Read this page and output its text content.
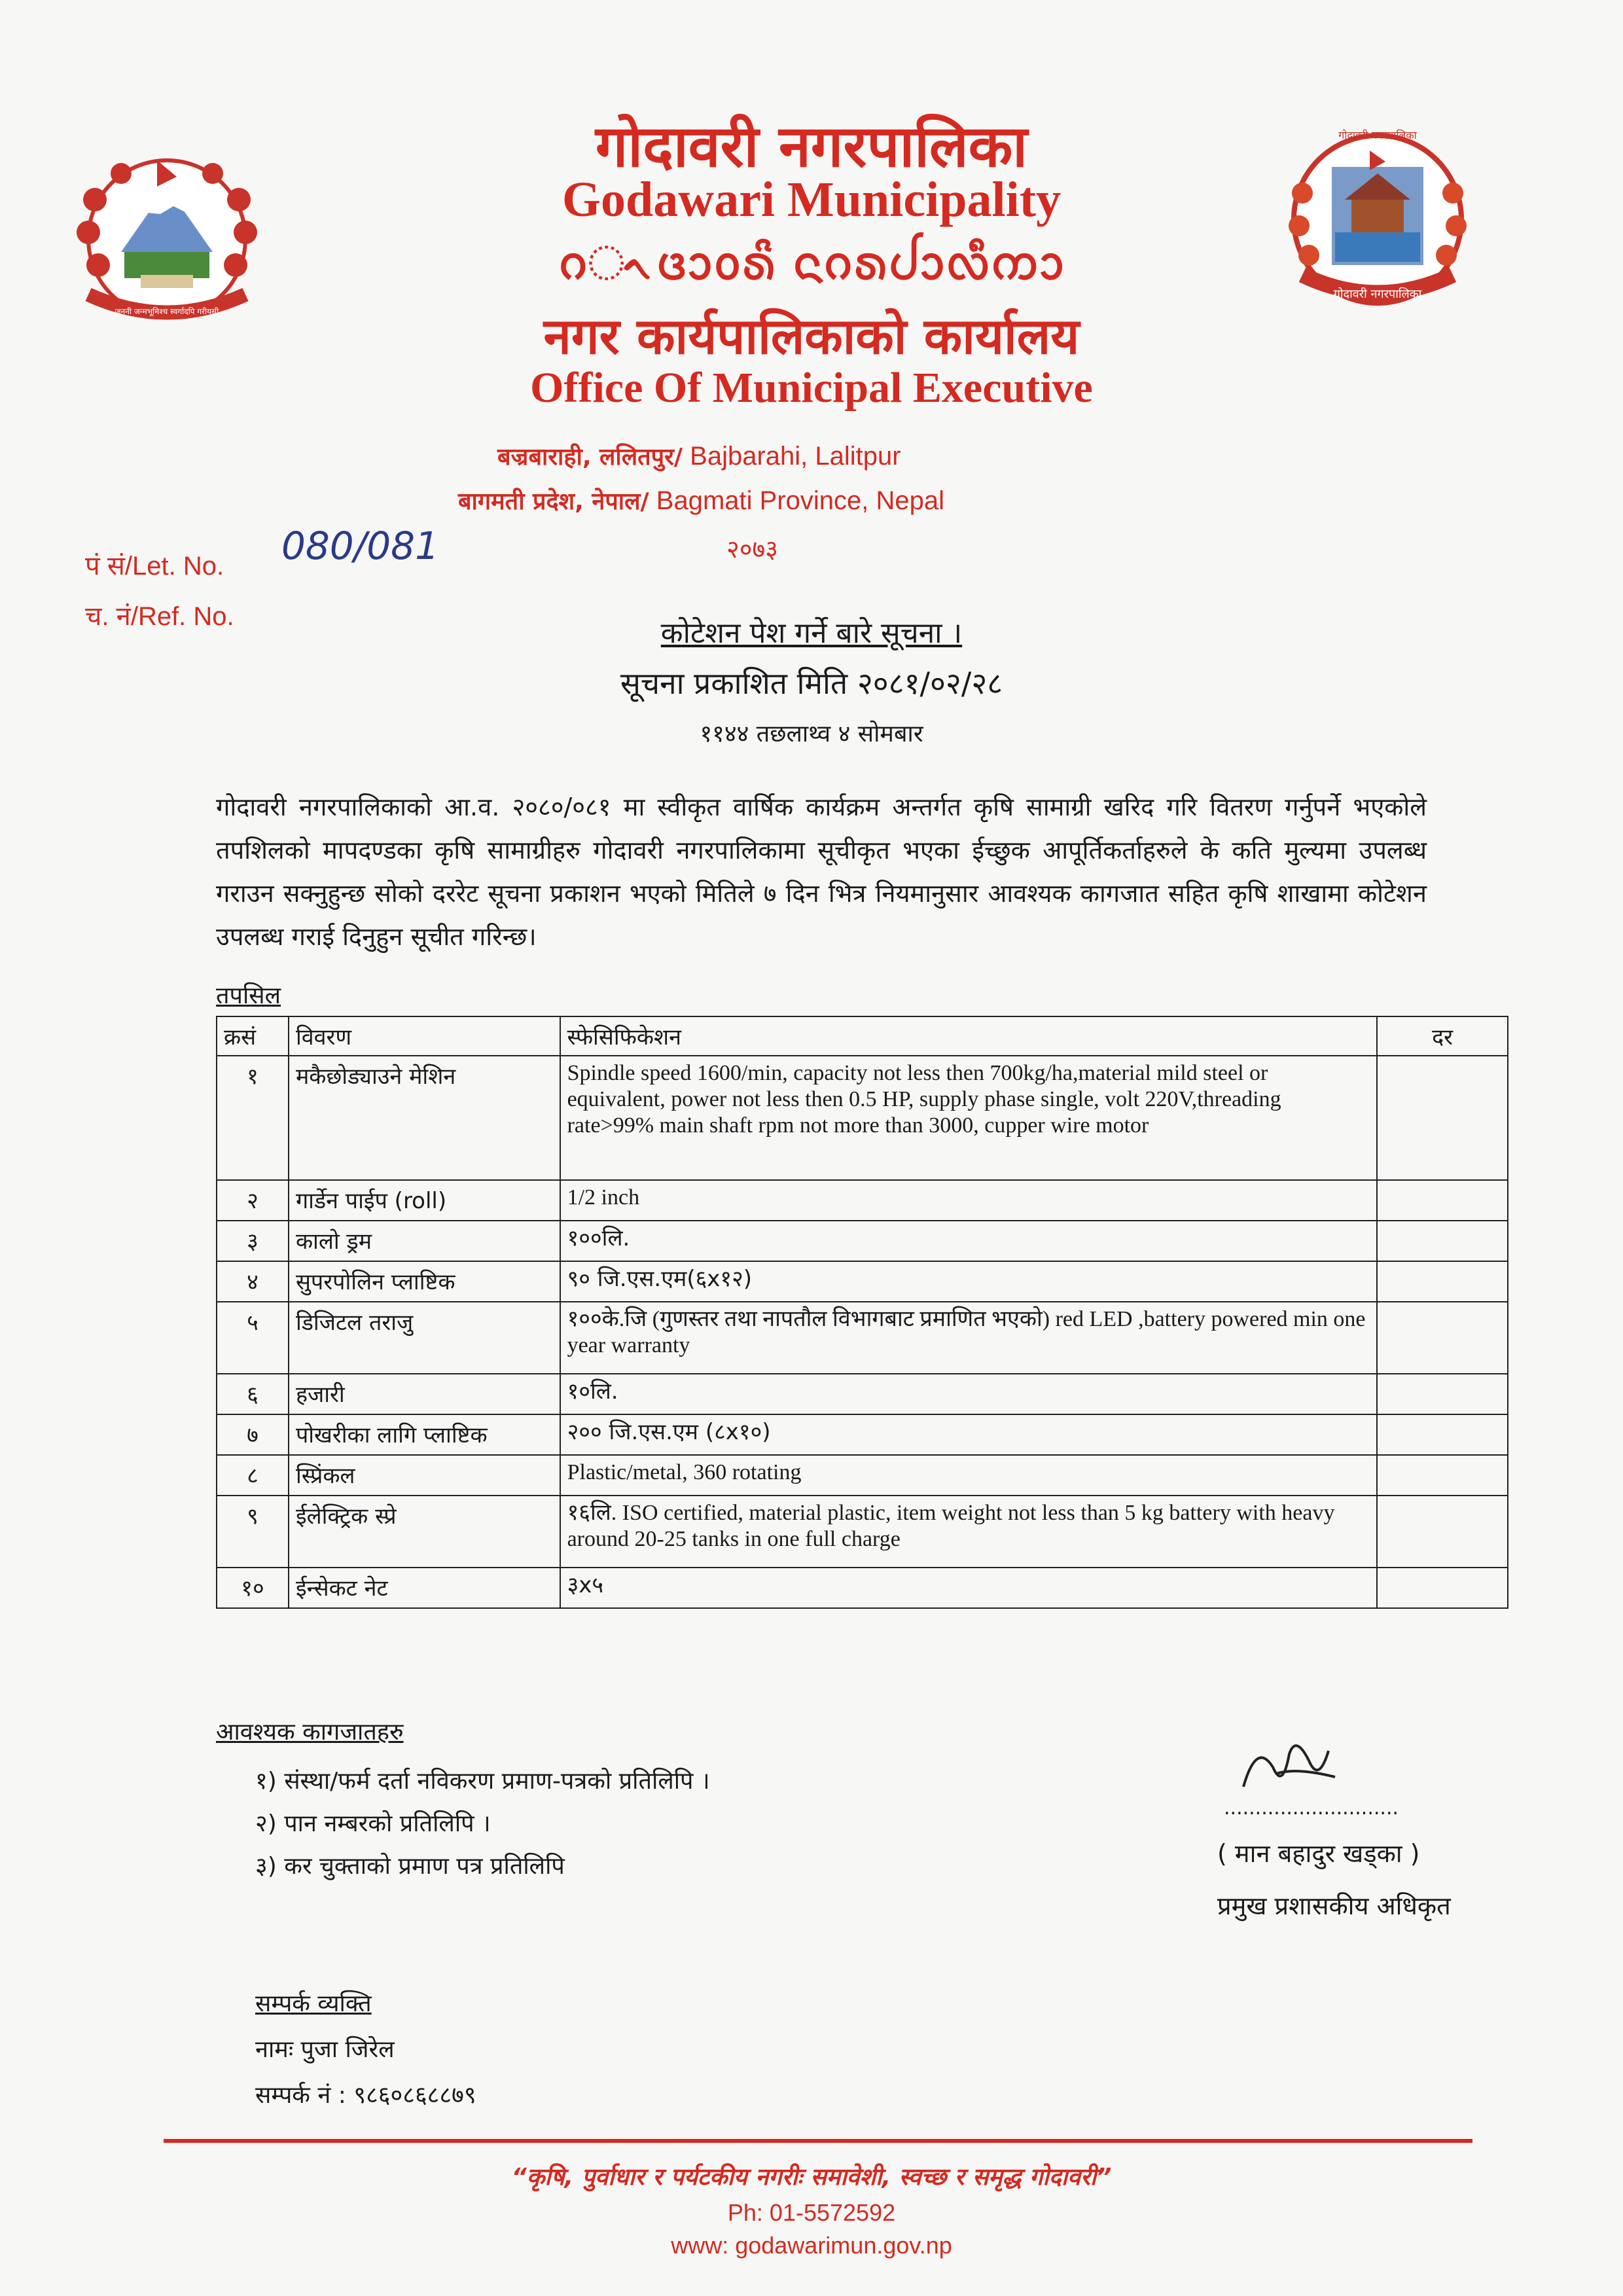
जननी जन्मभूमिश्च स्वर्गादपि गरीयसी
गोदावरी नगरपालिका
गोदावरी नगरपालिका
गोदावरी नगरपालिका
Godawari Municipality
ᨣᨚᨴᩣᩅᩁᩦ ᨶᨣᩁᨸᩣᩃᩥᨠᩣ
नगर कार्यपालिकाको कार्यालय
Office Of Municipal Executive
बज्रबाराही, ललितपुर/ Bajbarahi, Lalitpur
बागमती प्रदेश, नेपाल/ Bagmati Province, Nepal
२०७३
पं सं/Let. No. 080/081
च. नं/Ref. No.	कोटेशन पेश गर्ने बारे सूचना ।
सूचना प्रकाशित मिति २०८१/०२/२८
११४४ तछलाथ्व ४ सोमबार
गोदावरी नगरपालिकाको आ.व. २०८०/०८१ मा स्वीकृत वार्षिक कार्यक्रम अन्तर्गत कृषि सामाग्री खरिद गरि वितरण गर्नुपर्ने भएकोले तपशिलको मापदण्डका कृषि सामाग्रीहरु गोदावरी नगरपालिकामा सूचीकृत भएका ईच्छुक आपूर्तिकर्ताहरुले के कति मुल्यमा उपलब्ध गराउन सक्नुहुन्छ सोको दररेट सूचना प्रकाशन भएको मितिले ७ दिन भित्र नियमानुसार आवश्यक कागजात सहित कृषि शाखामा कोटेशन उपलब्ध गराई दिनुहुन सूचीत गरिन्छ।
तपसिल
क्रसं	विवरण	स्फेसिफिकेशन	दर
१	मकैछोड्याउने मेशिन	Spindle speed 1600/min, capacity not less then 700kg/ha,material mild steel or equivalent, power not less then 0.5 HP, supply phase single, volt 220V,threading rate>99% main shaft rpm not more than 3000, cupper wire motor	
२	गार्डेन पाईप (roll)	1/2 inch	
३	कालो ड्रम	१००लि.	
४	सुपरपोलिन प्लाष्टिक	९० जि.एस.एम(६x१२)	
५	डिजिटल तराजु	१००के.जि (गुणस्तर तथा नापतौल विभागबाट प्रमाणित भएको) red LED ,battery powered min one year warranty	
६	हजारी	१०लि.	
७	पोखरीका लागि प्लाष्टिक	२०० जि.एस.एम (८x१०)	
८	स्प्रिंकल	Plastic/metal, 360 rotating	
९	ईलेक्ट्रिक स्प्रे	१६लि. ISO certified, material plastic, item weight not less than 5 kg battery with heavy around 20-25 tanks in one full charge	
१०	ईन्सेकट नेट	३x५	
आवश्यक कागजातहरु
१) संस्था/फर्म दर्ता नविकरण प्रमाण-पत्रको प्रतिलिपि ।
२) पान नम्बरको प्रतिलिपि ।
३) कर चुक्ताको प्रमाण पत्र प्रतिलिपि
............................
( मान बहादुर खड्का )
प्रमुख प्रशासकीय अधिकृत
सम्पर्क व्यक्ति
नामः पुजा जिरेल
सम्पर्क नं : ९८६०८६८८७९
“कृषि, पुर्वाधार र पर्यटकीय नगरीः समावेशी, स्वच्छ र समृद्ध गोदावरी”
Ph: 01-5572592
www: godawarimun.gov.np
